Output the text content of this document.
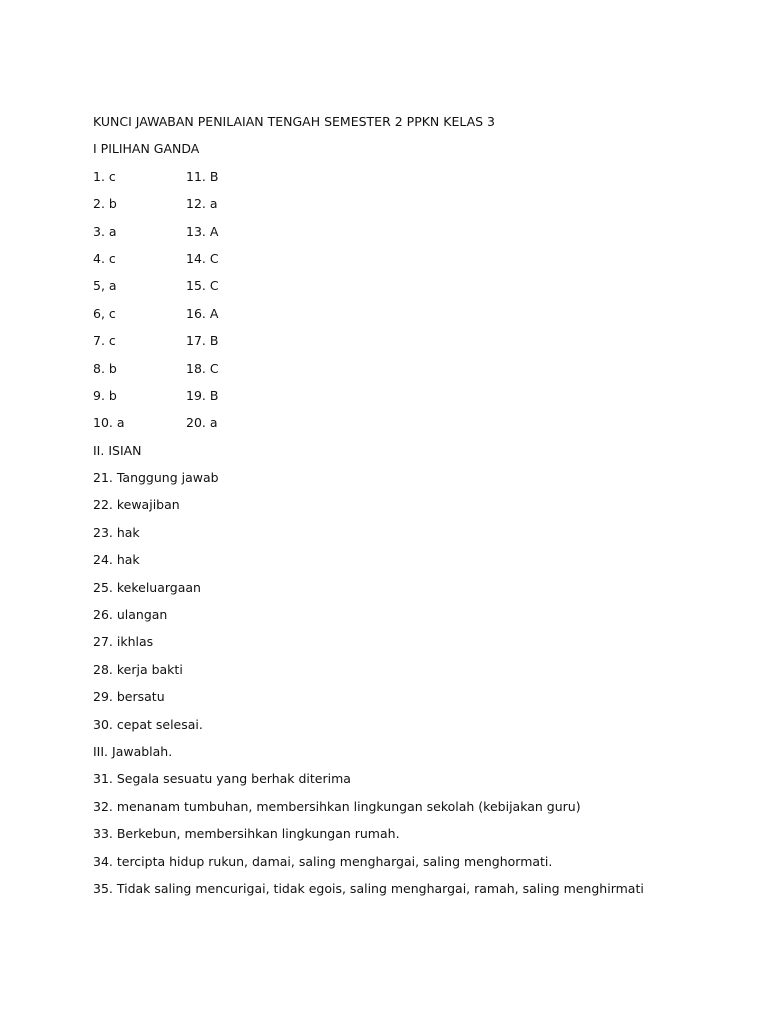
KUNCI JAWABAN PENILAIAN TENGAH SEMESTER 2 PPKN KELAS 3
I PILIHAN GANDA
1. c	11. B
2. b	12. a
3. a	13. A
4. c	14. C
5, a	15. C
6, c	16. A
7. c	17. B
8. b	18. C
9. b	19. B
10. a	20. a
II. ISIAN
21. Tanggung jawab
22. kewajiban
23. hak
24. hak
25. kekeluargaan
26. ulangan
27. ikhlas
28. kerja bakti
29. bersatu
30. cepat selesai.
III. Jawablah.
31. Segala sesuatu yang berhak diterima
32. menanam tumbuhan, membersihkan lingkungan sekolah (kebijakan guru)
33. Berkebun, membersihkan lingkungan rumah.
34. tercipta hidup rukun, damai, saling menghargai, saling menghormati.
35. Tidak saling mencurigai, tidak egois, saling menghargai, ramah, saling menghirmati
